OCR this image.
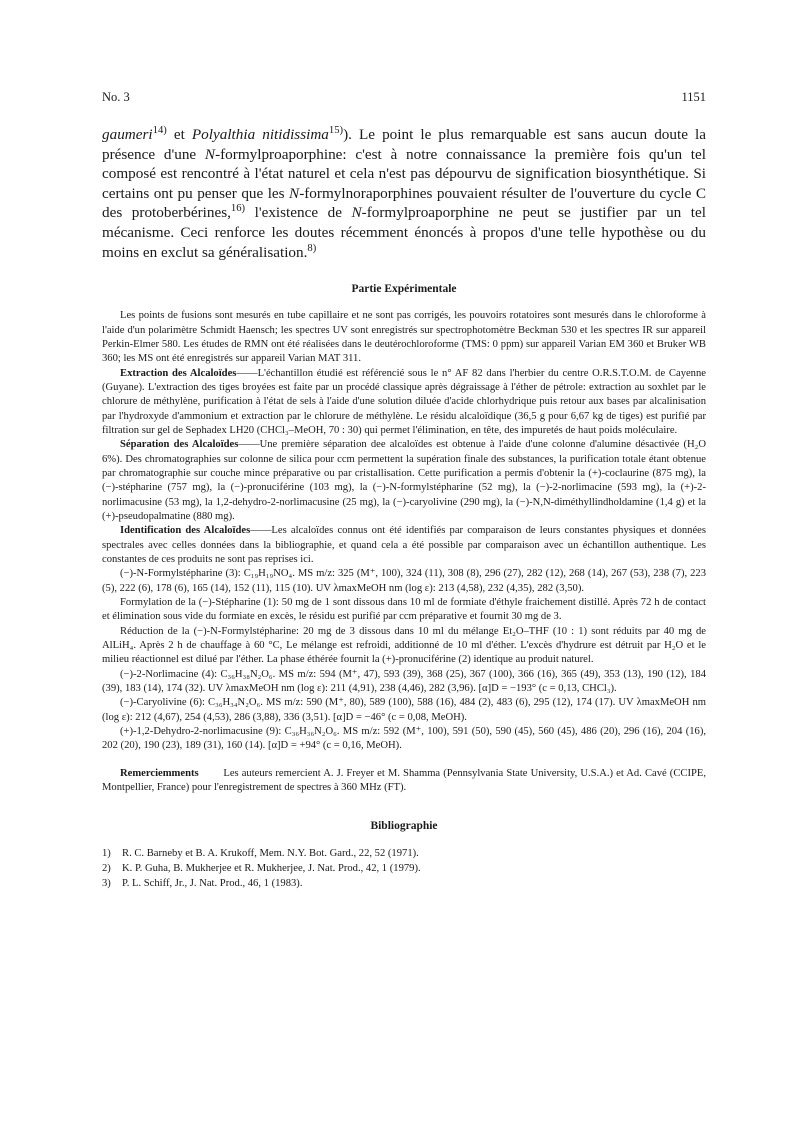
No. 3	1151
gaumeri$^{14)}$ et Polyalthia nitidissima$^{15)}$). Le point le plus remarquable est sans aucun doute la présence d'une N-formylproaporphine: c'est à notre connaissance la première fois qu'un tel composé est rencontré à l'état naturel et cela n'est pas dépourvu de signification biosynthétique. Si certains ont pu penser que les N-formylnoraporphines pouvaient résulter de l'ouverture du cycle C des protoberbérines,$^{16)}$ l'existence de N-formylproaporphine ne peut se justifier par un tel mécanisme. Ceci renforce les doutes récemment énoncés à propos d'une telle hypothèse ou du moins en exclut sa généralisation.$^{8)}$
Partie Expérimentale

Les points de fusions sont mesurés en tube capillaire et ne sont pas corrigés, les pouvoirs rotatoires sont mesurés dans le chloroforme à l'aide d'un polarimètre Schmidt Haensch; les spectres UV sont enregistrés sur spectrophotomètre Beckman 530 et les spectres IR sur appareil Perkin-Elmer 580. Les études de RMN ont été réalisées dans le deutérochloroforme (TMS: 0 ppm) sur appareil Varian EM 360 et Bruker WB 360; les MS ont été enregistrés sur appareil Varian MAT 311.

Extraction des Alcaloïdes——L'échantillon étudié est référencié sous le n° AF 82 dans l'herbier du centre O.R.S.T.O.M. de Cayenne (Guyane). L'extraction des tiges broyées est faite par un procédé classique après dégraissage à l'éther de pétrole: extraction au soxhlet par le chlorure de méthylène, purification à l'état de sels à l'aide d'une solution diluée d'acide chlorhydrique puis retour aux bases par alcalinisation par l'hydroxyde d'ammonium et extraction par le chlorure de méthylène. Le résidu alcaloïdique (36,5 g pour 6,67 kg de tiges) est purifié par filtration sur gel de Sephadex LH20 (CHCl₃–MeOH, 70 : 30) qui permet l'élimination, en tête, des impuretés de haut poids moléculaire.

Séparation des Alcaloïdes——Une première séparation dee alcaloïdes est obtenue à l'aide d'une colonne d'alumine désactivée (H₂O 6%). Des chromatographies sur colonne de silica pour ccm permettent la supération finale des substances, la purification totale étant obtenue par chromatographie sur couche mince préparative ou par cristallisation. Cette purification a permis d'obtenir la (+)-coclaurine (875 mg), la (−)-stépharine (757 mg), la (−)-pronuciférine (103 mg), la (−)-N-formylstépharine (52 mg), la (−)-2-norlimacine (593 mg), la (+)-2-norlimacusine (53 mg), la 1,2-dehydro-2-norlimacusine (25 mg), la (−)-caryolivine (290 mg), la (−)-N,N-diméthyllindholdamine (1,4 g) et la (+)-pseudopalmatine (880 mg).

Identification des Alcaloïdes——Les alcaloïdes connus ont été identifiés par comparaison de leurs constantes physiques et données spectrales avec celles données dans la bibliographie, et quand cela a été possible par comparaison avec un échantillon authentique. Les constantes de ces produits ne sont pas reprises ici.

(−)-N-Formylstépharine (3): C₁₉H₁₉NO₄. MS m/z: 325 (M⁺, 100), 324 (11), 308 (8), 296 (27), 282 (12), 268 (14), 267 (53), 238 (7), 223 (5), 222 (6), 178 (6), 165 (14), 152 (11), 115 (10). UV λmaxMeOH nm (log ε): 213 (4,58), 232 (4,35), 282 (3,50).

Formylation de la (−)-Stépharine (1): 50 mg de 1 sont dissous dans 10 ml de formiate d'éthyle fraichement distillé. Après 72 h de contact et élimination sous vide du formiate en excès, le résidu est purifié par ccm préparative et fournit 30 mg de 3.

Réduction de la (−)-N-Formylstépharine: 20 mg de 3 dissous dans 10 ml du mélange Et₂O–THF (10 : 1) sont réduits par 40 mg de AlLiH₄. Après 2 h de chauffage à 60 °C, Le mélange est refroidi, additionné de 10 ml d'éther. L'excès d'hydrure est détruit par H₂O et le milieu réactionnel est dilué par l'éther. La phase éthérée fournit la (+)-pronuciférine (2) identique au produit naturel.

(−)-2-Norlimacine (4): C₃₆H₃₈N₂O₆. MS m/z: 594 (M⁺, 47), 593 (39), 368 (25), 367 (100), 366 (16), 365 (49), 353 (13), 190 (12), 184 (39), 183 (14), 174 (32). UV λmaxMeOH nm (log ε): 211 (4,91), 238 (4,46), 282 (3,96). [α]D = −193° (c = 0,13, CHCl₃).

(−)-Caryolivine (6): C₃₆H₃₄N₂O₆. MS m/z: 590 (M⁺, 80), 589 (100), 588 (16), 484 (2), 483 (6), 295 (12), 174 (17). UV λmaxMeOH nm (log ε): 212 (4,67), 254 (4,53), 286 (3,88), 336 (3,51). [α]D = −46° (c = 0,08, MeOH).

(+)-1,2-Dehydro-2-norlimacusine (9): C₃₆H₃₆N₂O₆. MS m/z: 592 (M⁺, 100), 591 (50), 590 (45), 560 (45), 486 (20), 296 (16), 204 (16), 202 (20), 190 (23), 189 (31), 160 (14). [α]D = +94° (c = 0,16, MeOH).

Remerciemments Les auteurs remercient A. J. Freyer et M. Shamma (Pennsylvania State University, U.S.A.) et Ad. Cavé (CCIPE, Montpellier, France) pour l'enregistrement de spectres à 360 MHz (FT).

Bibliographie
1)	R. C. Barneby et B. A. Krukoff, Mem. N.Y. Bot. Gard., 22, 52 (1971).
2)	K. P. Guha, B. Mukherjee et R. Mukherjee, J. Nat. Prod., 42, 1 (1979).
3)	P. L. Schiff, Jr., J. Nat. Prod., 46, 1 (1983).
